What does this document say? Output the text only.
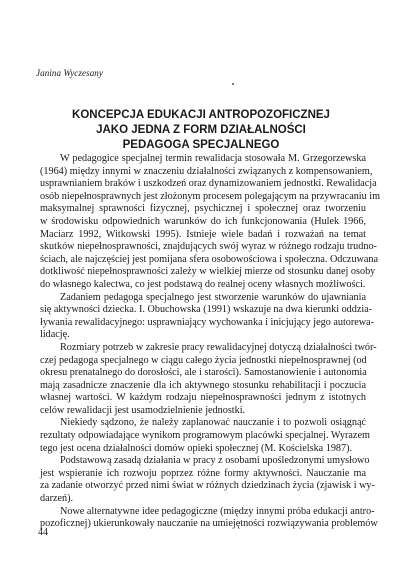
Janina Wyczesany
KONCEPCJA EDUKACJI ANTROPOZOFICZNEJ
JAKO JEDNA Z FORM DZIAŁALNOŚCI
PEDAGOGA SPECJALNEGO
W pedagogice specjalnej termin rewalidacja stosowała M. Grzegorzewska
(1964) między innymi w znaczeniu działalności związanych z kompensowaniem,
usprawnianiem braków i uszkodzeń oraz dynamizowaniem jednostki. Rewalidacja
osób niepełnosprawnych jest złożonym procesem polegającym na przywracaniu im
maksymalnej sprawności fizycznej, psychicznej i społecznej oraz tworzeniu
w środowisku odpowiednich warunków do ich funkcjonowania (Hulek 1966,
Maciarz 1992, Witkowski 1995). Istnieje wiele badań i rozważań na temat
skutków niepełnosprawności, znajdujących swój wyraz w różnego rodzaju trudno-
ściach, ale najczęściej jest pomijana sfera osobowościowa i społeczna. Odczuwana
dotkliwość niepełnosprawności zależy w wielkiej mierze od stosunku danej osoby
do własnego kalectwa, co jest podstawą do realnej oceny własnych możliwości.
Zadaniem pedagoga specjalnego jest stworzenie warunków do ujawniania
się aktywności dziecka. I. Obuchowska (1991) wskazuje na dwa kierunki oddzia-
ływania rewalidacyjnego: usprawniający wychowanka i inicjujący jego autorewa-
lidację.
Rozmiary potrzeb w zakresie pracy rewalidacyjnej dotyczą działalności twór-
czej pedagoga specjalnego w ciągu całego życia jednostki niepełnosprawnej (od
okresu prenatalnego do dorosłości, ale i starości). Samostanowienie i autonomia
mają zasadnicze znaczenie dla ich aktywnego stosunku rehabilitacji i poczucia
własnej wartości. W każdym rodzaju niepełnosprawności jednym z istotnych
celów rewalidacji jest usamodzielnienie jednostki.
Niekiedy sądzono, że należy zaplanować nauczanie i to pozwoli osiągnąć
rezultaty odpowiadające wynikom programowym placówki specjalnej. Wyrazem
tego jest ocena działalności domów opieki społecznej (M. Kościelska 1987).
Podstawową zasadą działania w pracy z osobami upośledzonymi umysłowo
jest wspieranie ich rozwoju poprzez różne formy aktywności. Nauczanie ma
za zadanie otworzyć przed nimi świat w różnych dziedzinach życia (zjawisk i wy-
darzeń).
Nowe alternatywne idee pedagogiczne (między innymi próba edukacji antro-
pozoficznej) ukierunkowały nauczanie na umiejętności rozwiązywania problemów
44
